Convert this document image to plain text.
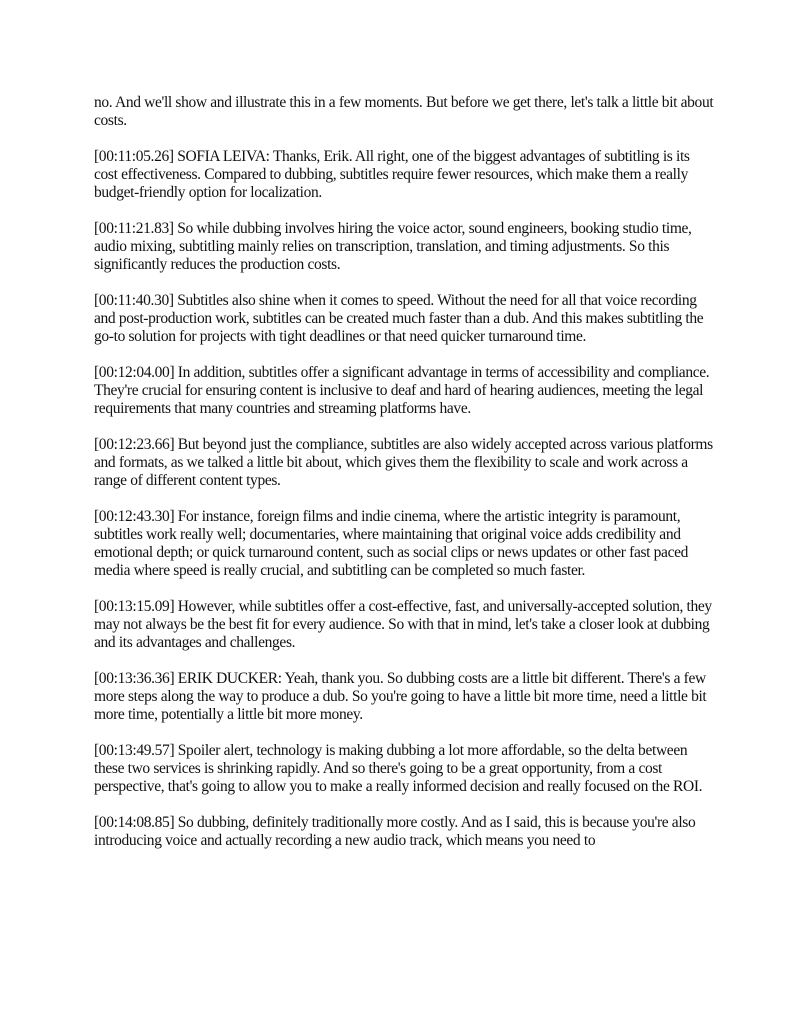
no. And we'll show and illustrate this in a few moments. But before we get there, let's talk a little bit about costs.

[00:11:05.26] SOFIA LEIVA: Thanks, Erik. All right, one of the biggest advantages of subtitling is its cost effectiveness. Compared to dubbing, subtitles require fewer resources, which make them a really budget-friendly option for localization.

[00:11:21.83] So while dubbing involves hiring the voice actor, sound engineers, booking studio time, audio mixing, subtitling mainly relies on transcription, translation, and timing adjustments. So this significantly reduces the production costs.

[00:11:40.30] Subtitles also shine when it comes to speed. Without the need for all that voice recording and post-production work, subtitles can be created much faster than a dub. And this makes subtitling the go-to solution for projects with tight deadlines or that need quicker turnaround time.

[00:12:04.00] In addition, subtitles offer a significant advantage in terms of accessibility and compliance. They're crucial for ensuring content is inclusive to deaf and hard of hearing audiences, meeting the legal requirements that many countries and streaming platforms have.

[00:12:23.66] But beyond just the compliance, subtitles are also widely accepted across various platforms and formats, as we talked a little bit about, which gives them the flexibility to scale and work across a range of different content types.

[00:12:43.30] For instance, foreign films and indie cinema, where the artistic integrity is paramount, subtitles work really well; documentaries, where maintaining that original voice adds credibility and emotional depth; or quick turnaround content, such as social clips or news updates or other fast paced media where speed is really crucial, and subtitling can be completed so much faster.

[00:13:15.09] However, while subtitles offer a cost-effective, fast, and universally-accepted solution, they may not always be the best fit for every audience. So with that in mind, let's take a closer look at dubbing and its advantages and challenges.

[00:13:36.36] ERIK DUCKER: Yeah, thank you. So dubbing costs are a little bit different. There's a few more steps along the way to produce a dub. So you're going to have a little bit more time, need a little bit more time, potentially a little bit more money.

[00:13:49.57] Spoiler alert, technology is making dubbing a lot more affordable, so the delta between these two services is shrinking rapidly. And so there's going to be a great opportunity, from a cost perspective, that's going to allow you to make a really informed decision and really focused on the ROI.

[00:14:08.85] So dubbing, definitely traditionally more costly. And as I said, this is because you're also introducing voice and actually recording a new audio track, which means you need to
